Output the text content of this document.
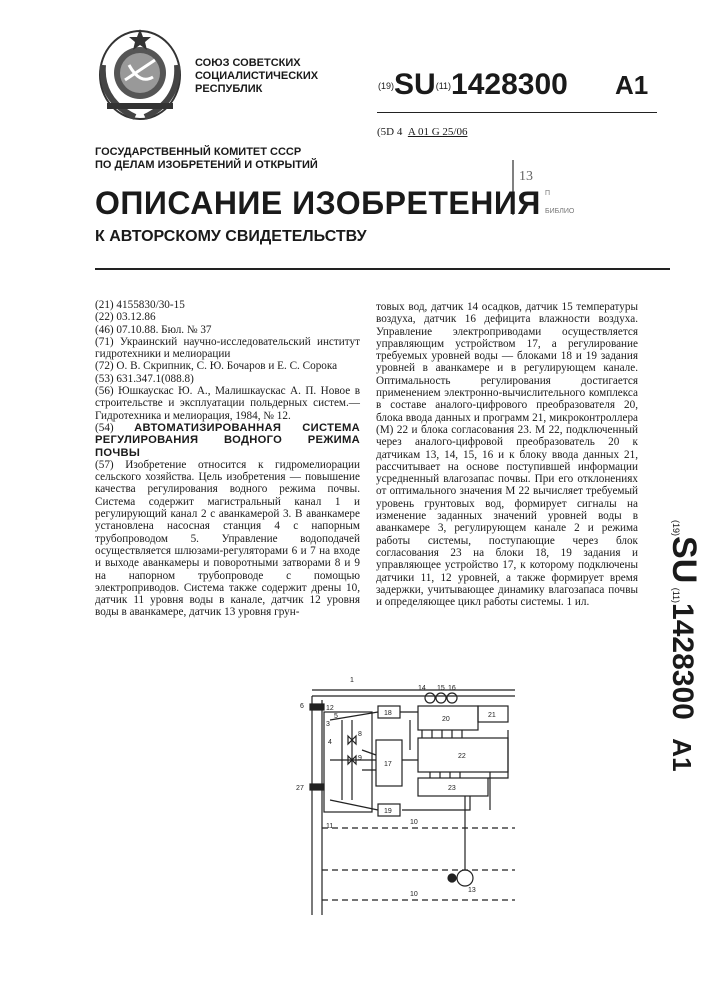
СОЮЗ СОВЕТСКИХ
СОЦИАЛИСТИЧЕСКИХ
РЕСПУБЛИК	(19)SU(11)1428300 A1
(5D 4 A 01 G 25/06
ГОСУДАРСТВЕННЫЙ КОМИТЕТ СССР
ПО ДЕЛАМ ИЗОБРЕТЕНИЙ И ОТКРЫТИЙ
13
П
БИБЛИО
ОПИСАНИЕ ИЗОБРЕТЕНИЯ
К АВТОРСКОМУ СВИДЕТЕЛЬСТВУ

(21) 4155830/30-15

(22) 03.12.86

(46) 07.10.88. Бюл. № 37

(71) Украинский научно-исследовательский институт гидротехники и мелиорации

(72) О. В. Скрипник, С. Ю. Бочаров и Е. С. Сорока

(53) 631.347.1(088.8)

(56) Юшкаускас Ю. А., Малишкаускас А. П. Новое в строительстве и эксплуатации польдерных систем.—Гидротехника и мелиорация, 1984, № 12.

(54) АВТОМАТИЗИРОВАННАЯ СИСТЕМА РЕГУЛИРОВАНИЯ ВОДНОГО РЕЖИМА ПОЧВЫ

(57) Изобретение относится к гидромелиорации сельского хозяйства. Цель изобретения — повышение качества регулирования водного режима почвы. Система содержит магистральный канал 1 и регулирующий канал 2 с аванкамерой 3. В аванкамере установлена насосная станция 4 с напорным трубопроводом 5. Управление водоподачей осуществляется шлюзами-регуляторами 6 и 7 на входе и выходе аванкамеры и поворотными затворами 8 и 9 на напорном трубопроводе с помощью электроприводов. Система также содержит дрены 10, датчик 11 уровня воды в канале, датчик 12 уровня воды в аванкамере, датчик 13 уровня грун-

товых вод, датчик 14 осадков, датчик 15 температуры воздуха, датчик 16 дефицита влажности воздуха. Управление электроприводами осуществляется управляющим устройством 17, а регулирование требуемых уровней воды — блоками 18 и 19 задания уровней в аванкамере и в регулирующем канале. Оптимальность регулирования достигается применением электронно-вычислительного комплекса в составе аналого-цифрового преобразователя 20, блока ввода данных и программ 21, микроконтроллера (М) 22 и блока согласования 23. М 22, подключенный через аналого-цифровой преобразователь 20 к датчикам 13, 14, 15, 16 и к блоку ввода данных 21, рассчитывает на основе поступившей информации усредненный влагозапас почвы. При его отклонениях от оптимального значения М 22 вычисляет требуемый уровень грунтовых вод, формирует сигналы на изменение заданных значений уровней воды в аванкамере 3, регулирующем канале 2 и режима работы системы, поступающие через блок согласования 23 на блоки 18, 19 задания и управляющее устройство 17, к которому подключены датчики 11, 12 уровней, а также формирует время задержки, учитывающее динамику влагозапаса почвы и определяющее цикл работы системы. 1 ил.

(19)SU (11)1428300 A1
1
2
3
4
5
6
7
8
9
10
10
11
12
13
14 15 16
17
18
19
20
21
22
23
